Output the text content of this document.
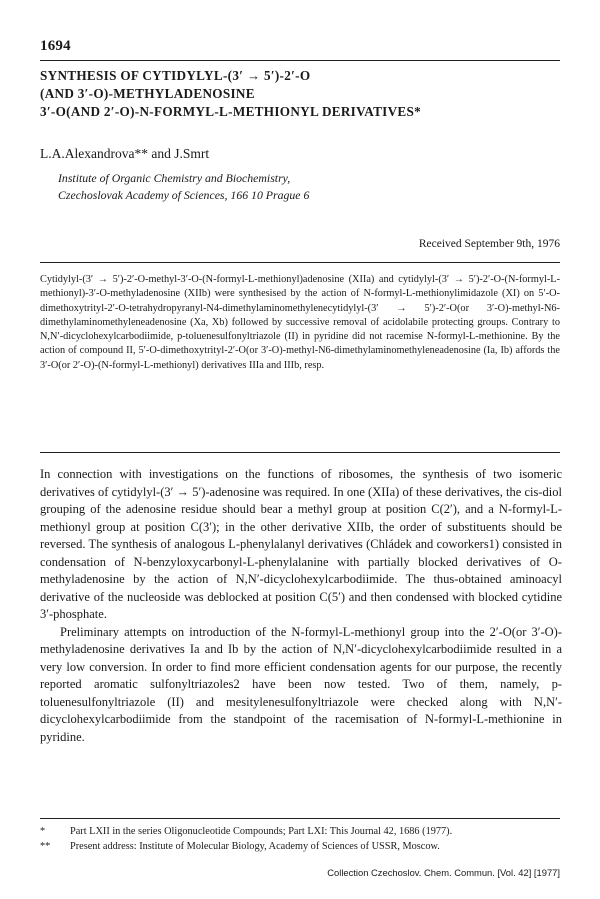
1694
SYNTHESIS OF CYTIDYLYL-(3′ → 5′)-2′-O
(AND 3′-O)-METHYLADENOSINE
3′-O(AND 2′-O)-N-FORMYL-L-METHIONYL DERIVATIVES*
L.A.Alexandrova** and J.Smrt
Institute of Organic Chemistry and Biochemistry,
Czechoslovak Academy of Sciences, 166 10 Prague 6
Received September 9th, 1976
Cytidylyl-(3′ → 5′)-2′-O-methyl-3′-O-(N-formyl-L-methionyl)adenosine (XIIa) and cytidylyl-(3′ → 5′)-2′-O-(N-formyl-L-methionyl)-3′-O-methyladenosine (XIIb) were synthesised by the action of N-formyl-L-methionylimidazole (XI) on 5′-O-dimethoxytrityl-2′-O-tetrahydropyranyl-N4-dimethylaminomethylenecytidylyl-(3′ → 5′)-2′-O(or 3′-O)-methyl-N6-dimethylaminomethyleneadenosine (Xa, Xb) followed by successive removal of acidolabile protecting groups. Contrary to N,N′-dicyclohexylcarbodiimide, p-toluenesulfonyltriazole (II) in pyridine did not racemise N-formyl-L-methionine. By the action of compound II, 5′-O-dimethoxytrityl-2′-O(or 3′-O)-methyl-N6-dimethylaminomethyleneadenosine (Ia, Ib) affords the 3′-O(or 2′-O)-(N-formyl-L-methionyl) derivatives IIIa and IIIb, resp.

In connection with investigations on the functions of ribosomes, the synthesis of two isomeric derivatives of cytidylyl-(3′ → 5′)-adenosine was required. In one (XIIa) of these derivatives, the cis-diol grouping of the adenosine residue should bear a methyl group at position C(2′), and a N-formyl-L-methionyl group at position C(3′); in the other derivative XIIb, the order of substituents should be reversed. The synthesis of analogous L-phenylalanyl derivatives (Chládek and coworkers1) consisted in condensation of N-benzyloxycarbonyl-L-phenylalanine with partially blocked derivatives of O-methyladenosine by the action of N,N′-dicyclohexylcarbodiimide. The thus-obtained aminoacyl derivative of the nucleoside was deblocked at position C(5′) and then condensed with blocked cytidine 3′-phosphate.

Preliminary attempts on introduction of the N-formyl-L-methionyl group into the 2′-O(or 3′-O)-methyladenosine derivatives Ia and Ib by the action of N,N′-dicyclohexylcarbodiimide resulted in a very low conversion. In order to find more efficient condensation agents for our purpose, the recently reported aromatic sulfonyltriazoles2 have been now tested. Two of them, namely, p-toluenesulfonyltriazole (II) and mesitylenesulfonyltriazole were checked along with N,N′-dicyclohexylcarbodiimide from the standpoint of the racemisation of N-formyl-L-methionine in pyridine.

*	Part LXII in the series Oligonucleotide Compounds; Part LXI: This Journal 42, 1686 (1977).
**	Present address: Institute of Molecular Biology, Academy of Sciences of USSR, Moscow.
Collection Czechoslov. Chem. Commun. [Vol. 42] [1977]
